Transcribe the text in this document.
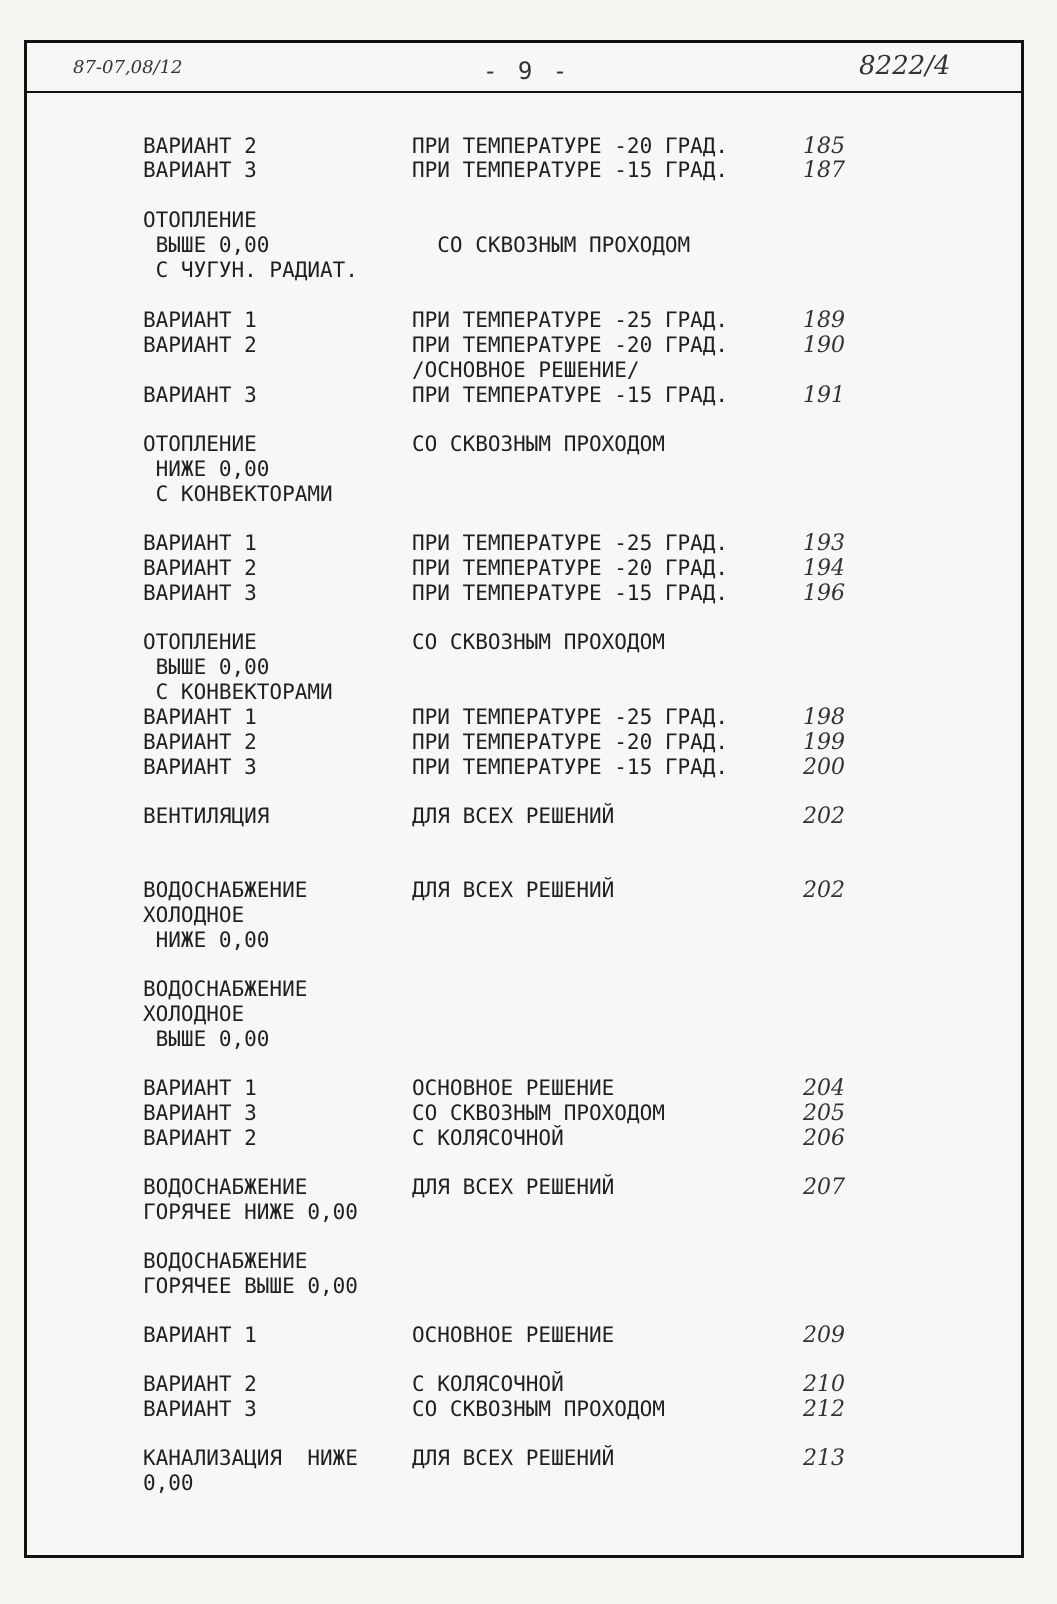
87-07,08/12	- 9 -	8222/4
ВАРИАНТ 2	ПРИ ТЕМПЕРАТУРЕ -20 ГРАД.	185
ВАРИАНТ 3	ПРИ ТЕМПЕРАТУРЕ -15 ГРАД.	187
ОТОПЛЕНИЕ
ВЫШЕ 0,00	СО СКВОЗНЫМ ПРОХОДОМ
С ЧУГУН. РАДИАТ.
ВАРИАНТ 1	ПРИ ТЕМПЕРАТУРЕ -25 ГРАД.	189
ВАРИАНТ 2	ПРИ ТЕМПЕРАТУРЕ -20 ГРАД.	190
/ОСНОВНОЕ РЕШЕНИЕ/
ВАРИАНТ 3	ПРИ ТЕМПЕРАТУРЕ -15 ГРАД.	191
ОТОПЛЕНИЕ	СО СКВОЗНЫМ ПРОХОДОМ
НИЖЕ 0,00
С КОНВЕКТОРАМИ
ВАРИАНТ 1	ПРИ ТЕМПЕРАТУРЕ -25 ГРАД.	193
ВАРИАНТ 2	ПРИ ТЕМПЕРАТУРЕ -20 ГРАД.	194
ВАРИАНТ 3	ПРИ ТЕМПЕРАТУРЕ -15 ГРАД.	196
ОТОПЛЕНИЕ	СО СКВОЗНЫМ ПРОХОДОМ
ВЫШЕ 0,00
С КОНВЕКТОРАМИ
ВАРИАНТ 1	ПРИ ТЕМПЕРАТУРЕ -25 ГРАД.	198
ВАРИАНТ 2	ПРИ ТЕМПЕРАТУРЕ -20 ГРАД.	199
ВАРИАНТ 3	ПРИ ТЕМПЕРАТУРЕ -15 ГРАД.	200
ВЕНТИЛЯЦИЯ	ДЛЯ ВСЕХ РЕШЕНИЙ	202
ВОДОСНАБЖЕНИЕ	ДЛЯ ВСЕХ РЕШЕНИЙ	202
ХОЛОДНОЕ
НИЖЕ 0,00
ВОДОСНАБЖЕНИЕ
ХОЛОДНОЕ
ВЫШЕ 0,00
ВАРИАНТ 1	ОСНОВНОЕ РЕШЕНИЕ	204
ВАРИАНТ 3	СО СКВОЗНЫМ ПРОХОДОМ	205
ВАРИАНТ 2	С КОЛЯСОЧНОЙ	206
ВОДОСНАБЖЕНИЕ	ДЛЯ ВСЕХ РЕШЕНИЙ	207
ГОРЯЧЕЕ НИЖЕ 0,00
ВОДОСНАБЖЕНИЕ
ГОРЯЧЕЕ ВЫШЕ 0,00
ВАРИАНТ 1	ОСНОВНОЕ РЕШЕНИЕ	209
ВАРИАНТ 2	С КОЛЯСОЧНОЙ	210
ВАРИАНТ 3	СО СКВОЗНЫМ ПРОХОДОМ	212
КАНАЛИЗАЦИЯ  НИЖЕ	ДЛЯ ВСЕХ РЕШЕНИЙ	213
0,00
